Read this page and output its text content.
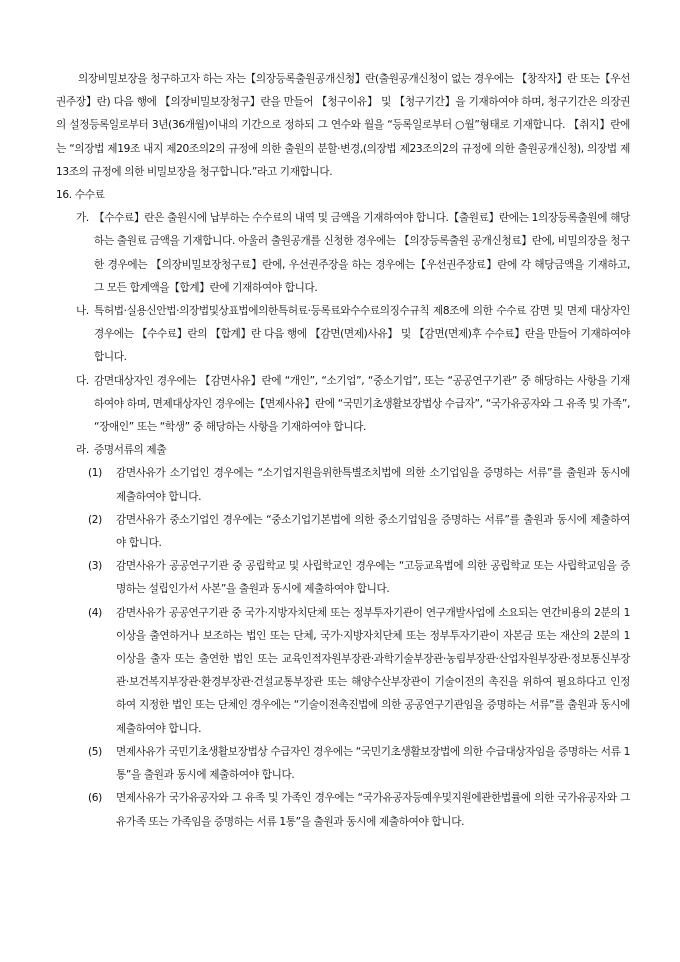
의장비밀보장을 청구하고자 하는 자는【의장등록출원공개신청】란(출원공개신청이 없는 경우에는 【창작자】란 또는【우선권주장】란) 다음 행에 【의장비밀보장청구】란을 만들어 【청구이유】 및 【청구기간】을 기재하여야 하며, 청구기간은 의장권의 설정등록일로부터 3년(36개월)이내의 기간으로 정하되 그 연수와 월을 “등록일로부터 ○월”형태로 기재합니다. 【취지】란에는 “의장법 제19조 내지 제20조의2의 규정에 의한 출원의 분할·변경,(의장법 제23조의2의 규정에 의한 출원공개신청), 의장법 제13조의 규정에 의한 비밀보장을 청구합니다.”라고 기재합니다.

16. 수수료

가. 【수수료】란은 출원시에 납부하는 수수료의 내역 및 금액을 기재하여야 합니다.【출원료】란에는 1의장등록출원에 해당하는 출원료 금액을 기재합니다. 아울러 출원공개를 신청한 경우에는 【의장등록출원 공개신청료】란에, 비밀의장을 청구한 경우에는 【의장비밀보장청구료】란에, 우선권주장을 하는 경우에는【우선권주장료】란에 각 해당금액을 기재하고, 그 모든 합계액을【합계】란에 기재하여야 합니다.
나. 특허법·실용신안법·의장법및상표법에의한특허료·등록료와수수료의징수규칙 제8조에 의한 수수료 감면 및 면제 대상자인 경우에는 【수수료】란의 【합계】란 다음 행에 【감면(면제)사유】 및 【감면(면제)후 수수료】란을 만들어 기재하여야 합니다.
다. 감면대상자인 경우에는 【감면사유】란에 “개인”, “소기업”, “중소기업”, 또는 “공공연구기관” 중 해당하는 사항을 기재하여야 하며, 면제대상자인 경우에는【면제사유】란에 “국민기초생활보장법상 수급자”, “국가유공자와 그 유족 및 가족”, “장애인” 또는 “학생” 중 해당하는 사항을 기재하여야 합니다.
라. 증명서류의 제출
(1)	감면사유가 소기업인 경우에는 “소기업지원을위한특별조치법에 의한 소기업임을 증명하는 서류”를 출원과 동시에 제출하여야 합니다.
(2)	감면사유가 중소기업인 경우에는 “중소기업기본법에 의한 중소기업임을 증명하는 서류”를 출원과 동시에 제출하여야 합니다.
(3)	감면사유가 공공연구기관 중 공립학교 및 사립학교인 경우에는 “고등교육법에 의한 공립학교 또는 사립학교임을 증명하는 설립인가서 사본”을 출원과 동시에 제출하여야 합니다.
(4)	감면사유가 공공연구기관 중 국가·지방자치단체 또는 정부투자기관이 연구개발사업에 소요되는 연간비용의 2분의 1 이상을 출연하거나 보조하는 법인 또는 단체, 국가·지방자치단체 또는 정부투자기관이 자본금 또는 재산의 2분의 1 이상을 출자 또는 출연한 법인 또는 교육인적자원부장관·과학기술부장관·농림부장관·산업자원부장관·정보통신부장관·보건복지부장관·환경부장관·건설교통부장관 또는 해양수산부장관이 기술이전의 촉진을 위하여 필요하다고 인정하여 지정한 법인 또는 단체인 경우에는 “기술이전촉진법에 의한 공공연구기관임을 증명하는 서류”를 출원과 동시에 제출하여야 합니다.
(5)	면제사유가 국민기초생활보장법상 수급자인 경우에는 “국민기초생활보장법에 의한 수급대상자임을 증명하는 서류 1통”을 출원과 동시에 제출하여야 합니다.
(6)	면제사유가 국가유공자와 그 유족 및 가족인 경우에는 “국가유공자등예우및지원에관한법률에 의한 국가유공자와 그 유가족 또는 가족임을 증명하는 서류 1통”을 출원과 동시에 제출하여야 합니다.
